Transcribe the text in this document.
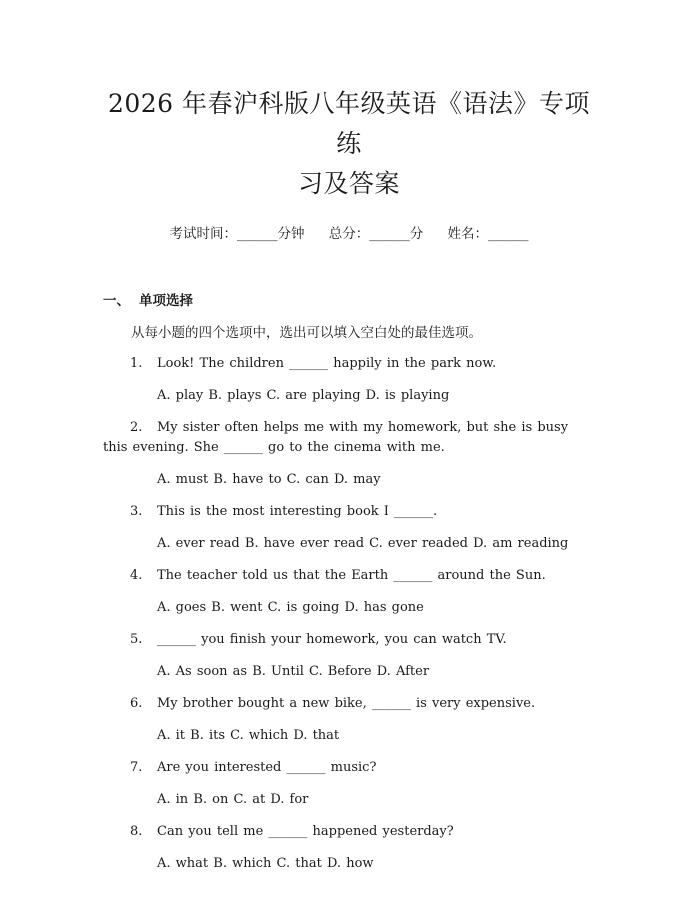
2026 年春沪科版八年级英语《语法》专项练
习及答案
考试时间：______分钟 总分：______分 姓名：______
一、 单项选择
从每小题的四个选项中，选出可以填入空白处的最佳选项。
1. Look! The children ______ happily in the park now.
A. play B. plays C. are playing D. is playing
2. My sister often helps me with my homework, but she is busy this evening. She ______ go to the cinema with me.
A. must B. have to C. can D. may
3. This is the most interesting book I ______.
A. ever read B. have ever read C. ever readed D. am reading
4. The teacher told us that the Earth ______ around the Sun.
A. goes B. went C. is going D. has gone
5. ______ you finish your homework, you can watch TV.
A. As soon as B. Until C. Before D. After
6. My brother bought a new bike, ______ is very expensive.
A. it B. its C. which D. that
7. Are you interested ______ music?
A. in B. on C. at D. for
8. Can you tell me ______ happened yesterday?
A. what B. which C. that D. how
